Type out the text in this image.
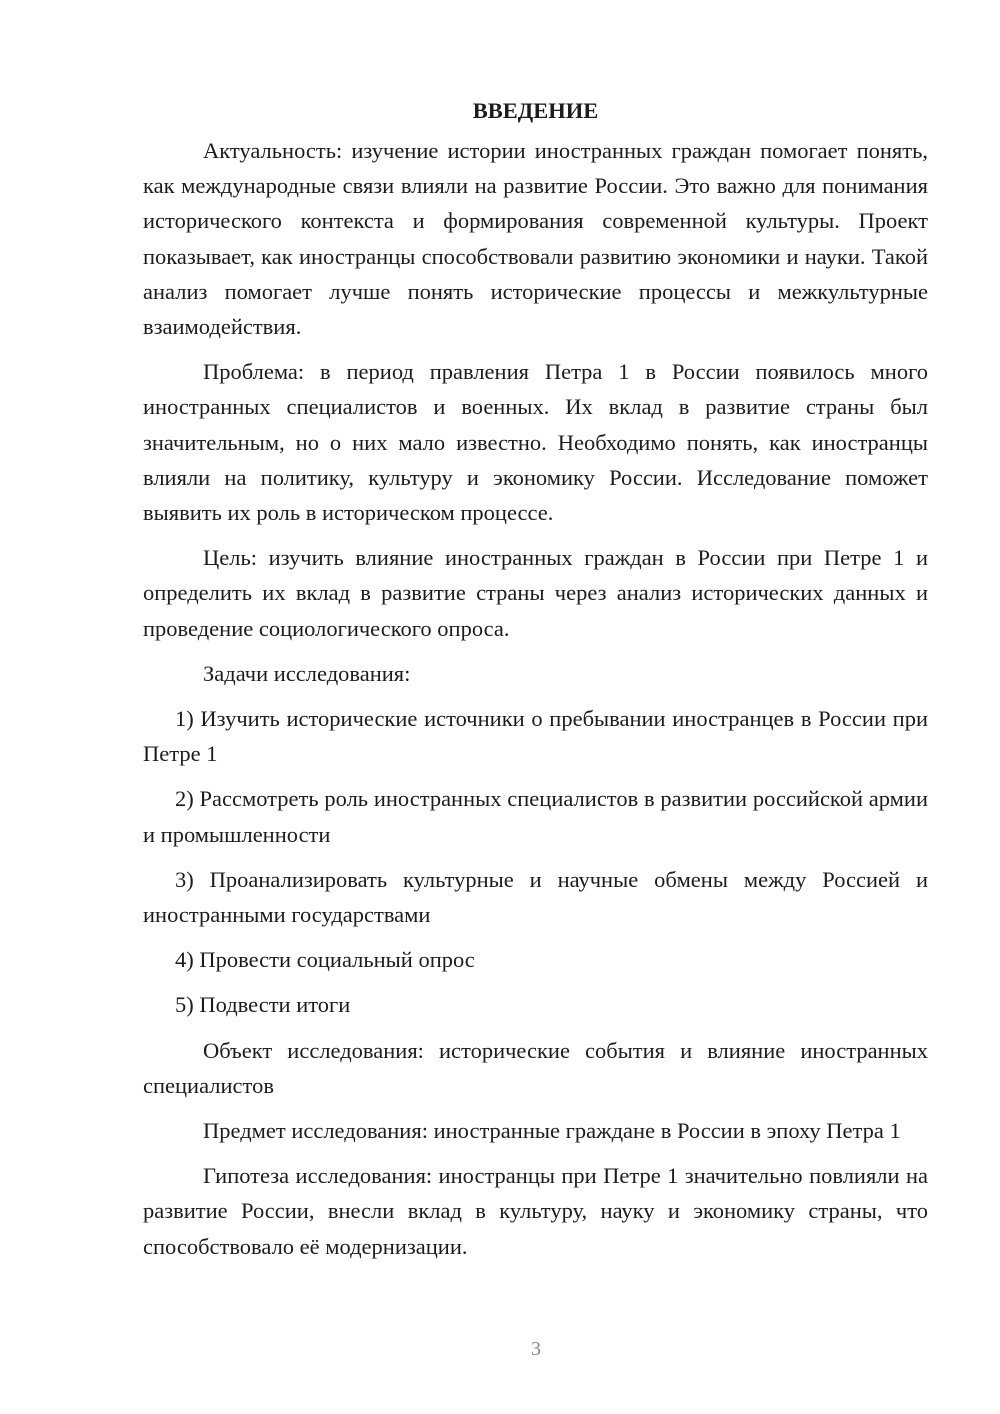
ВВЕДЕНИЕ

Актуальность: изучение истории иностранных граждан помогает понять, как международные связи влияли на развитие России. Это важно для понимания исторического контекста и формирования современной культуры. Проект показывает, как иностранцы способствовали развитию экономики и науки. Такой анализ помогает лучше понять исторические процессы и межкультурные взаимодействия.

Проблема: в период правления Петра 1 в России появилось много иностранных специалистов и военных. Их вклад в развитие страны был значительным, но о них мало известно. Необходимо понять, как иностранцы влияли на политику, культуру и экономику России. Исследование поможет выявить их роль в историческом процессе.

Цель: изучить влияние иностранных граждан в России при Петре 1 и определить их вклад в развитие страны через анализ исторических данных и проведение социологического опроса.

Задачи исследования:

1) Изучить исторические источники о пребывании иностранцев в России при Петре 1

2) Рассмотреть роль иностранных специалистов в развитии российской армии и промышленности

3) Проанализировать культурные и научные обмены между Россией и иностранными государствами

4) Провести социальный опрос

5) Подвести итоги

Объект исследования: исторические события и влияние иностранных специалистов

Предмет исследования: иностранные граждане в России в эпоху Петра 1

Гипотеза исследования: иностранцы при Петре 1 значительно повлияли на развитие России, внесли вклад в культуру, науку и экономику страны, что способствовало её модернизации.

3
